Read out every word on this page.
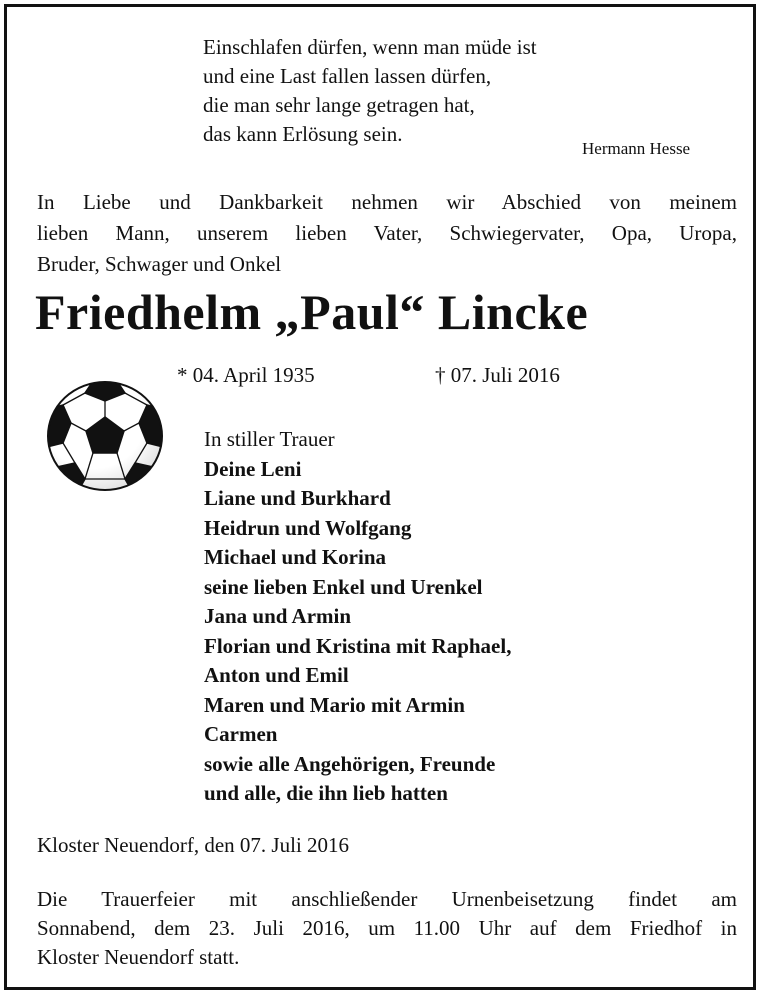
Einschlafen dürfen, wenn man müde ist
und eine Last fallen lassen dürfen,
die man sehr lange getragen hat,
das kann Erlösung sein.
Hermann Hesse
In Liebe und Dankbarkeit nehmen wir Abschied von meinem
lieben Mann, unserem lieben Vater, Schwiegervater, Opa, Uropa,
Bruder, Schwager und Onkel
Friedhelm „Paul“ Lincke
* 04. April 1935	† 07. Juli 2016
In stiller Trauer
Deine Leni
Liane und Burkhard
Heidrun und Wolfgang
Michael und Korina
seine lieben Enkel und Urenkel
Jana und Armin
Florian und Kristina mit Raphael,
Anton und Emil
Maren und Mario mit Armin
Carmen
sowie alle Angehörigen, Freunde
und alle, die ihn lieb hatten
Kloster Neuendorf, den 07. Juli 2016
Die Trauerfeier mit anschließender Urnenbeisetzung findet am
Sonnabend, dem 23. Juli 2016, um 11.00 Uhr auf dem Friedhof in
Kloster Neuendorf statt.
